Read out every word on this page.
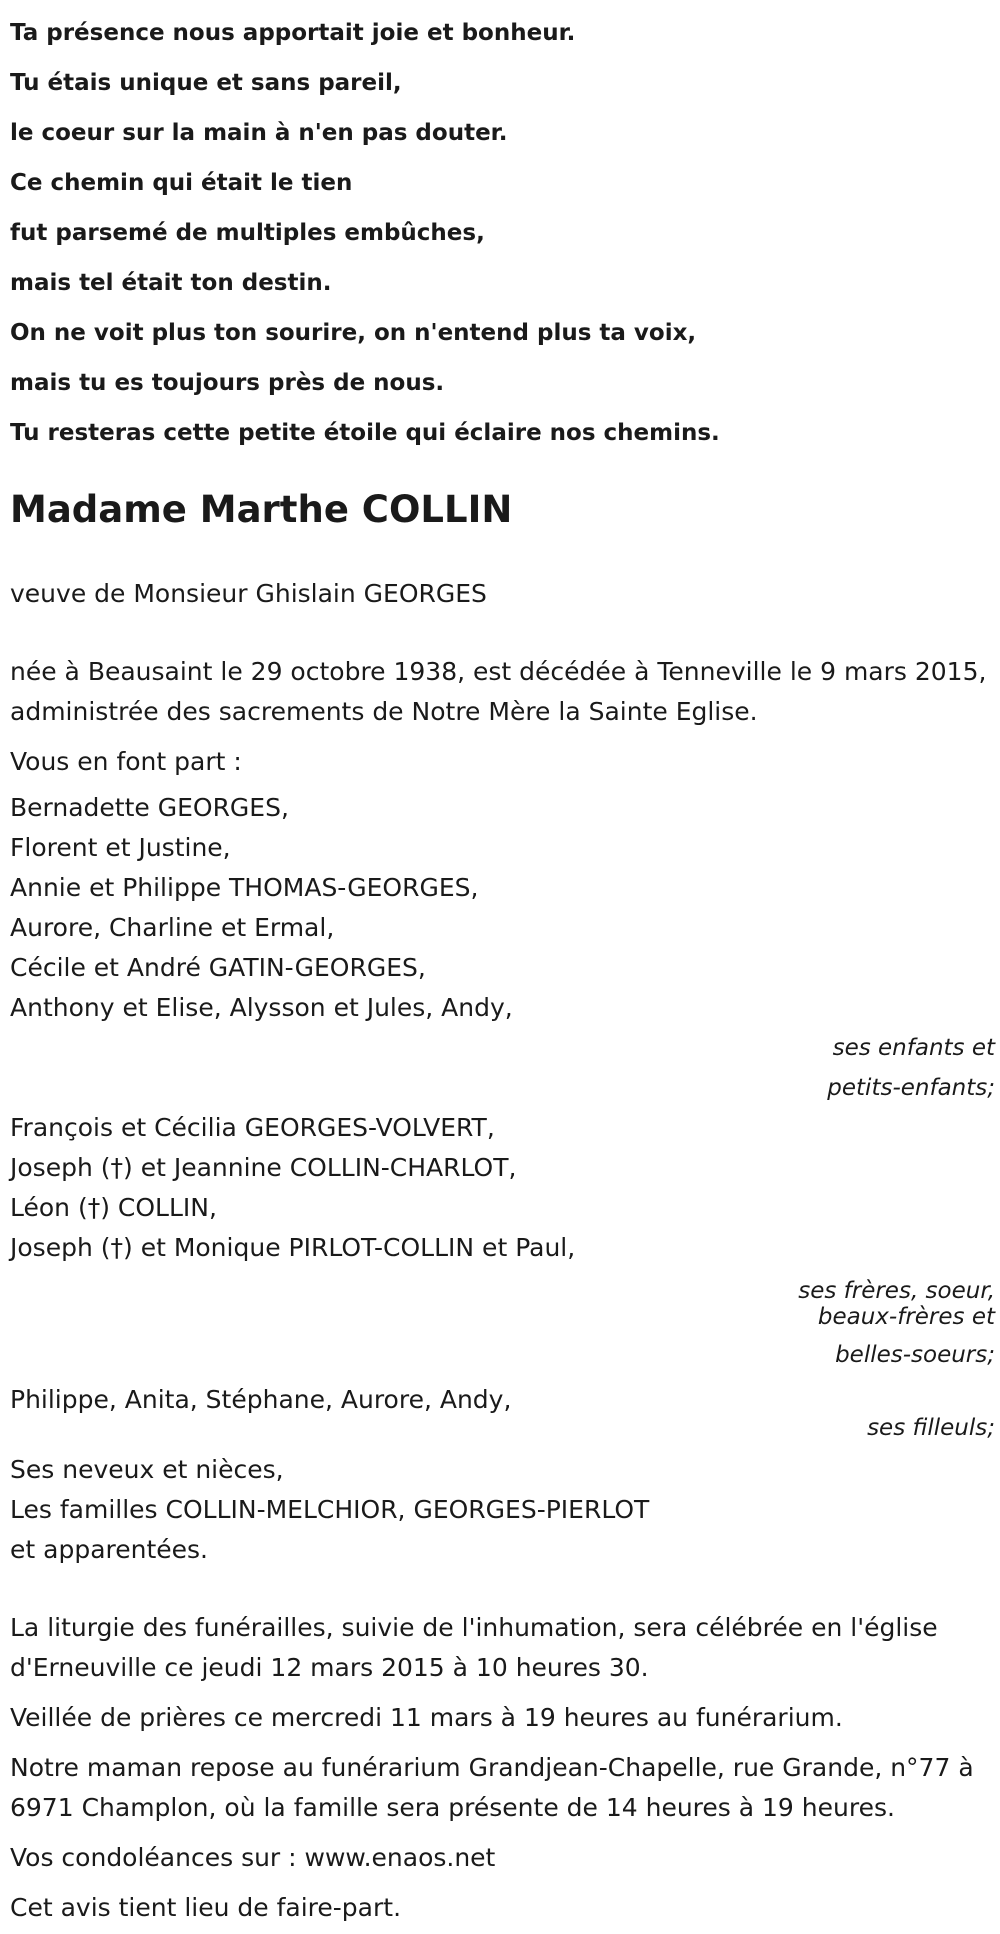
Ta présence nous apportait joie et bonheur.
Tu étais unique et sans pareil,
le coeur sur la main à n'en pas douter.
Ce chemin qui était le tien
fut parsemé de multiples embûches,
mais tel était ton destin.
On ne voit plus ton sourire, on n'entend plus ta voix,
mais tu es toujours près de nous.
Tu resteras cette petite étoile qui éclaire nos chemins.
Madame Marthe COLLIN

veuve de Monsieur Ghislain GEORGES

née à Beausaint le 29 octobre 1938, est décédée à Tenneville le 9 mars 2015, administrée des sacrements de Notre Mère la Sainte Eglise.

Vous en font part :

Bernadette GEORGES,
Florent et Justine,
Annie et Philippe THOMAS-GEORGES,
Aurore, Charline et Ermal,
Cécile et André GATIN-GEORGES,
Anthony et Elise, Alysson et Jules, Andy,
ses enfants et
petits-enfants;
François et Cécilia GEORGES-VOLVERT,
Joseph (†) et Jeannine COLLIN-CHARLOT,
Léon (†) COLLIN,
Joseph (†) et Monique PIRLOT-COLLIN et Paul,
ses frères, soeur,
beaux-frères et
belles-soeurs;
Philippe, Anita, Stéphane, Aurore, Andy,
ses filleuls;
Ses neveux et nièces,
Les familles COLLIN-MELCHIOR, GEORGES-PIERLOT
et apparentées.

La liturgie des funérailles, suivie de l'inhumation, sera célébrée en l'église d'Erneuville ce jeudi 12 mars 2015 à 10 heures 30.

Veillée de prières ce mercredi 11 mars à 19 heures au funérarium.

Notre maman repose au funérarium Grandjean-Chapelle, rue Grande, n°77 à 6971 Champlon, où la famille sera présente de 14 heures à 19 heures.

Vos condoléances sur : www.enaos.net

Cet avis tient lieu de faire-part.
